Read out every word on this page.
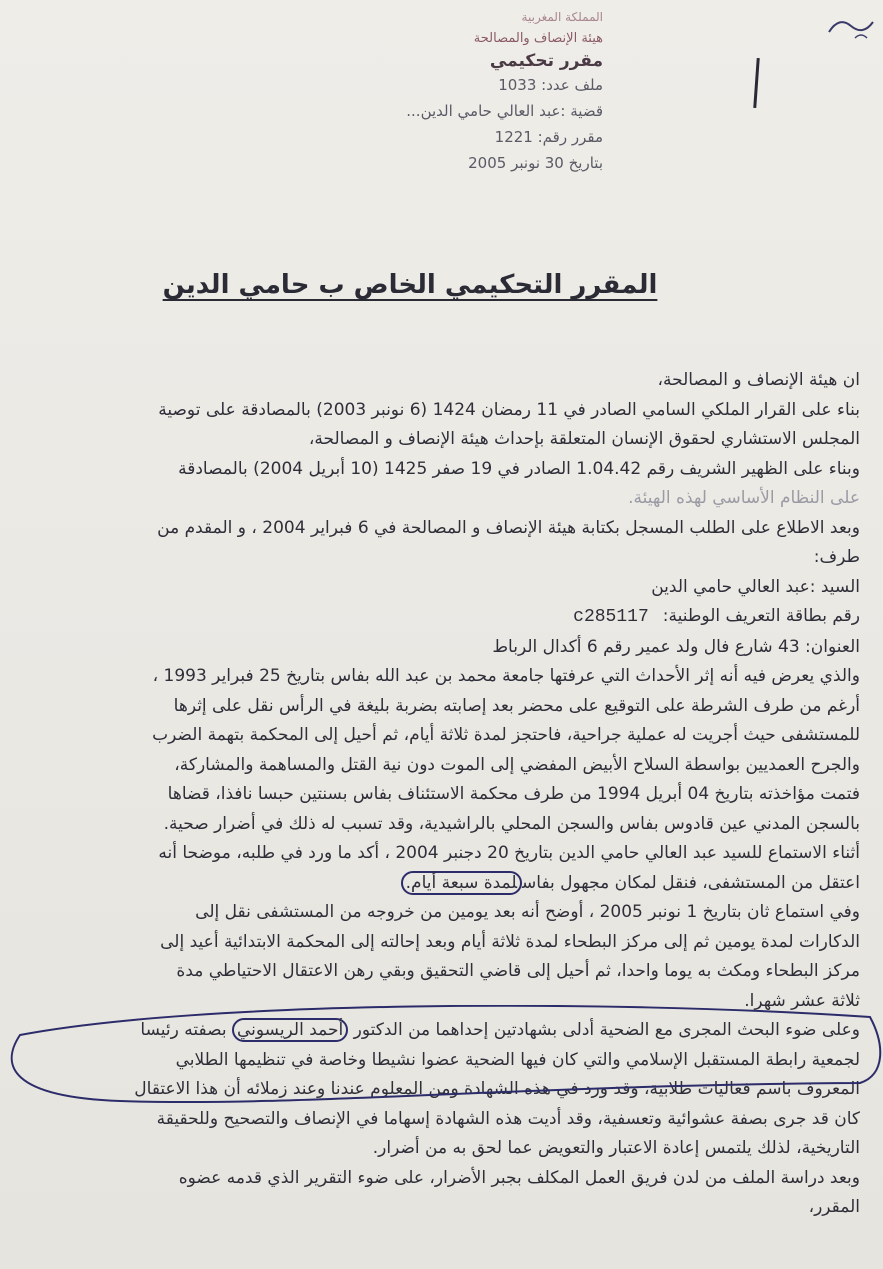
المملكة المغربية
هيئة الإنصاف والمصالحة
مقرر تحكيمي
ملف عدد: 1033
قضية :عبد العالي حامي الدين...
مقرر رقم: 1221
بتاريخ 30 نونبر 2005
المقرر التحكيمي الخاص ب حامي الدين
ان هيئة الإنصاف و المصالحة،
بناء على القرار الملكي السامي الصادر في 11 رمضان 1424 (6 نونبر 2003) بالمصادقة على توصية
المجلس الاستشاري لحقوق الإنسان المتعلقة بإحداث هيئة الإنصاف و المصالحة،
وبناء على الظهير الشريف رقم 1.04.42 الصادر في 19 صفر 1425 (10 أبريل 2004) بالمصادقة
على النظام الأساسي لهذه الهيئة.
وبعد الاطلاع على الطلب المسجل بكتابة هيئة الإنصاف و المصالحة في 6 فبراير 2004 ، و المقدم من
طرف:
السيد :عبد العالي حامي الدين
رقم بطاقة التعريف الوطنية:c285117
العنوان: 43 شارع فال ولد عمير رقم 6 أكدال الرباط
والذي يعرض فيه أنه إثر الأحداث التي عرفتها جامعة محمد بن عبد الله بفاس بتاريخ 25 فبراير 1993 ،
أرغم من طرف الشرطة على التوقيع على محضر بعد إصابته بضربة بليغة في الرأس نقل على إثرها
للمستشفى حيث أجريت له عملية جراحية، فاحتجز لمدة ثلاثة أيام، ثم أحيل إلى المحكمة بتهمة الضرب
والجرح العمديين بواسطة السلاح الأبيض المفضي إلى الموت دون نية القتل والمساهمة والمشاركة،
فتمت مؤاخذته بتاريخ 04 أبريل 1994 من طرف محكمة الاستئناف بفاس بسنتين حبسا نافذا، قضاها
بالسجن المدني عين قادوس بفاس والسجن المحلي بالراشيدية، وقد تسبب له ذلك في أضرار صحية.
أثناء الاستماع للسيد عبد العالي حامي الدين بتاريخ 20 دجنبر 2004 ، أكد ما ورد في طلبه، موضحا أنه
اعتقل من المستشفى، فنقل لمكان مجهول بفاسلمدة سبعة أيام.
وفي استماع ثان بتاريخ 1 نونبر 2005 ، أوضح أنه بعد يومين من خروجه من المستشفى نقل إلى
الدكارات لمدة يومين ثم إلى مركز البطحاء لمدة ثلاثة أيام وبعد إحالته إلى المحكمة الابتدائية أعيد إلى
مركز البطحاء ومكث به يوما واحدا، ثم أحيل إلى قاضي التحقيق وبقي رهن الاعتقال الاحتياطي مدة
ثلاثة عشر شهرا.
وعلى ضوء البحث المجرى مع الضحية أدلى بشهادتين إحداهما من الدكتور أحمد الريسوني بصفته رئيسا
لجمعية رابطة المستقبل الإسلامي والتي كان فيها الضحية عضوا نشيطا وخاصة في تنظيمها الطلابي
المعروف باسم فعاليات طلابية، وقد ورد في هذه الشهادة ومن المعلوم عندنا وعند زملائه أن هذا الاعتقال
كان قد جرى بصفة عشوائية وتعسفية، وقد أديت هذه الشهادة إسهاما في الإنصاف والتصحيح وللحقيقة
التاريخية، لذلك يلتمس إعادة الاعتبار والتعويض عما لحق به من أضرار.
وبعد دراسة الملف من لدن فريق العمل المكلف بجبر الأضرار، على ضوء التقرير الذي قدمه عضوه
المقرر،
